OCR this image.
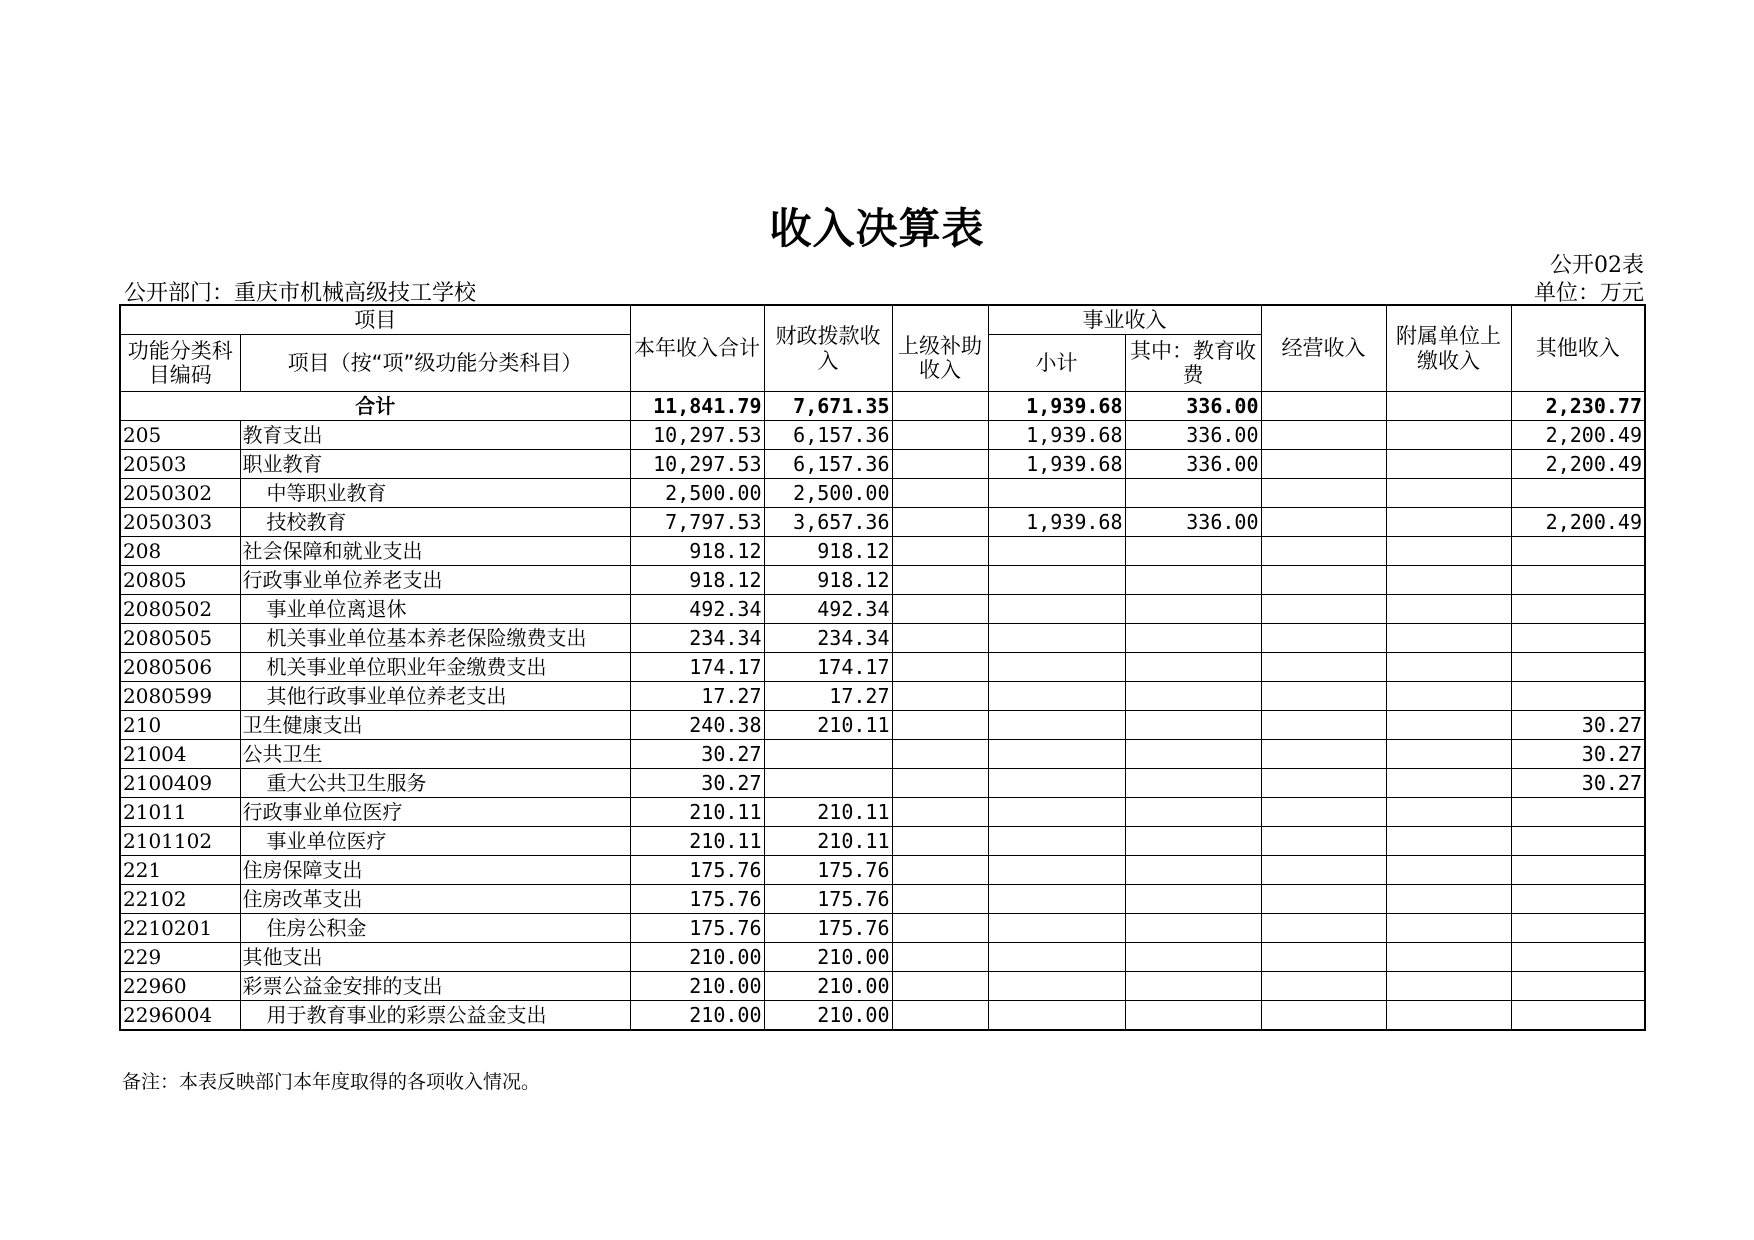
收入决算表
公开02表
公开部门：重庆市机械高级技工学校	单位：万元
项目		本年收入合计	财政拨款收入	上级补助收入	事业收入		经营收入	附属单位上缴收入	其他收入
功能分类科目编码	项目（按“项”级功能分类科目）								
					小计	其中：教育收费			
合计		11,841.79	7,671.35		1,939.68	336.00			2,230.77
205	教育支出	10,297.53	6,157.36		1,939.68	336.00			2,200.49
20503	职业教育	10,297.53	6,157.36		1,939.68	336.00			2,200.49
2050302	中等职业教育	2,500.00	2,500.00						
2050303	技校教育	7,797.53	3,657.36		1,939.68	336.00			2,200.49
208	社会保障和就业支出	918.12	918.12						
20805	行政事业单位养老支出	918.12	918.12						
2080502	事业单位离退休	492.34	492.34						
2080505	机关事业单位基本养老保险缴费支出	234.34	234.34						
2080506	机关事业单位职业年金缴费支出	174.17	174.17						
2080599	其他行政事业单位养老支出	17.27	17.27						
210	卫生健康支出	240.38	210.11						30.27
21004	公共卫生	30.27							30.27
2100409	重大公共卫生服务	30.27							30.27
21011	行政事业单位医疗	210.11	210.11						
2101102	事业单位医疗	210.11	210.11						
221	住房保障支出	175.76	175.76						
22102	住房改革支出	175.76	175.76						
2210201	住房公积金	175.76	175.76						
229	其他支出	210.00	210.00						
22960	彩票公益金安排的支出	210.00	210.00						
2296004	用于教育事业的彩票公益金支出	210.00	210.00						
备注：本表反映部门本年度取得的各项收入情况。
